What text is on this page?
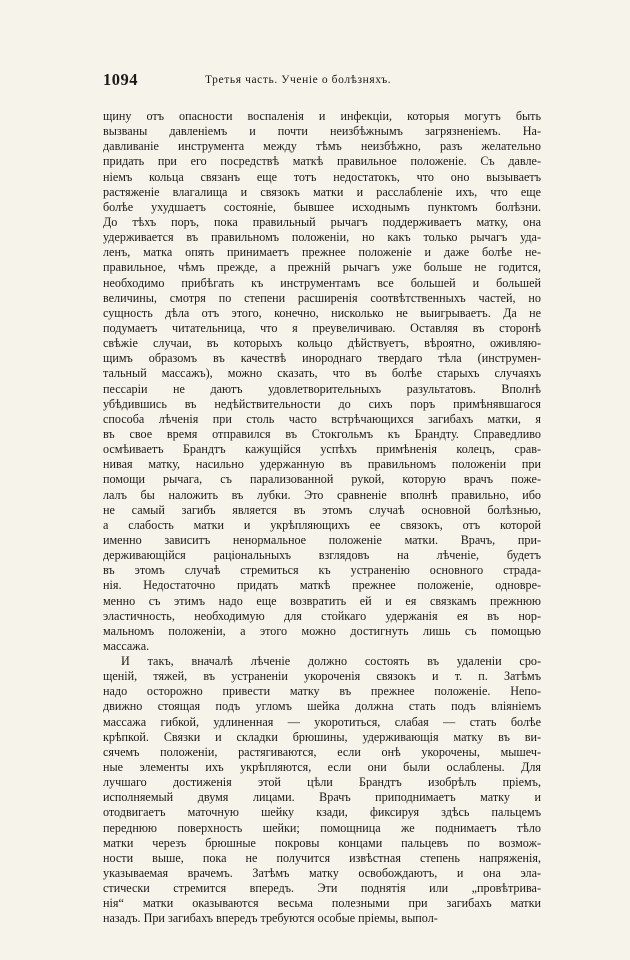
1094	Третья часть. Ученіе о болѣзняхъ.
щину отъ опасности воспаленія и инфекціи, которыя могутъ быть
вызваны давленіемъ и почти неизбѣжнымъ загрязненіемъ. На-
давливаніе инструмента между тѣмъ неизбѣжно, разъ желательно
придать при его посредствѣ маткѣ правильное положеніе. Съ давле-
ніемъ кольца связанъ еще тотъ недостатокъ, что оно вызываетъ
растяженіе влагалища и связокъ матки и расслабленіе ихъ, что еще
болѣе ухудшаетъ состояніе, бывшее исходнымъ пунктомъ болѣзни.
До тѣхъ поръ, пока правильный рычагъ поддерживаетъ матку, она
удерживается въ правильномъ положеніи, но какъ только рычагъ уда-
ленъ, матка опять принимаетъ прежнее положеніе и даже болѣе не-
правильное, чѣмъ прежде, а прежній рычагъ уже больше не годится,
необходимо прибѣгать къ инструментамъ все большей и большей
величины, смотря по степени расширенія соотвѣтственныхъ частей, но
сущность дѣла отъ этого, конечно, нисколько не выигрываетъ. Да не
подумаетъ читательница, что я преувеличиваю. Оставляя въ сторонѣ
свѣжіе случаи, въ которыхъ кольцо дѣйствуетъ, вѣроятно, оживляю-
щимъ образомъ въ качествѣ инороднаго твердаго тѣла (инструмен-
тальный массажъ), можно сказать, что въ болѣе старыхъ случаяхъ
пессаріи не даютъ удовлетворительныхъ разультатовъ. Вполнѣ
убѣдившись въ недѣйствительности до сихъ поръ примѣнявшагося
способа лѣченія при столь часто встрѣчающихся загибахъ матки, я
въ свое время отправился въ Стокгольмъ къ Брандту. Справедливо
осмѣиваетъ Брандтъ кажущійся успѣхъ примѣненія колецъ, срав-
нивая матку, насильно удержанную въ правильномъ положеніи при
помощи рычага, съ парализованной рукой, которую врачъ поже-
лалъ бы наложить въ лубки. Это сравненіе вполнѣ правильно, ибо
не самый загибъ является въ этомъ случаѣ основной болѣзнью,
а слабость матки и укрѣпляющихъ ее связокъ, отъ которой
именно зависитъ ненормальное положеніе матки. Врачъ, при-
держивающійся раціональныхъ взглядовъ на лѣченіе, будетъ
въ этомъ случаѣ стремиться къ устраненію основного страда-
нія. Недостаточно придать маткѣ прежнее положеніе, одновре-
менно съ этимъ надо еще возвратить ей и ея связкамъ прежнюю
эластичность, необходимую для стойкаго удержанія ея въ нор-
мальномъ положеніи, а этого можно достигнуть лишь съ помощью
массажа.
И такъ, вначалѣ лѣченіе должно состоять въ удаленіи сро-
щеній, тяжей, въ устраненіи укороченія связокъ и т. п. Затѣмъ
надо осторожно привести матку въ прежнее положеніе. Непо-
движно стоящая подъ угломъ шейка должна стать подъ вліяніемъ
массажа гибкой, удлиненная — укоротиться, слабая — стать болѣе
крѣпкой. Связки и складки брюшины, удерживающія матку въ ви-
сячемъ положеніи, растягиваются, если онѣ укорочены, мышеч-
ные элементы ихъ укрѣпляются, если они были ослаблены. Для
лучшаго достиженія этой цѣли Брандтъ изобрѣлъ пріемъ,
исполняемый двумя лицами. Врачъ приподнимаетъ матку и
отодвигаетъ маточную шейку кзади, фиксируя здѣсь пальцемъ
переднюю поверхность шейки; помощница же поднимаетъ тѣло
матки черезъ брюшные покровы концами пальцевъ по возмож-
ности выше, пока не получится извѣстная степень напряженія,
указываемая врачемъ. Затѣмъ матку освобождаютъ, и она эла-
стически стремится впередъ. Эти поднятія или „провѣтрива-
нія“ матки оказываются весьма полезными при загибахъ матки
назадъ. При загибахъ впередъ требуются особые пріемы, выпол-
